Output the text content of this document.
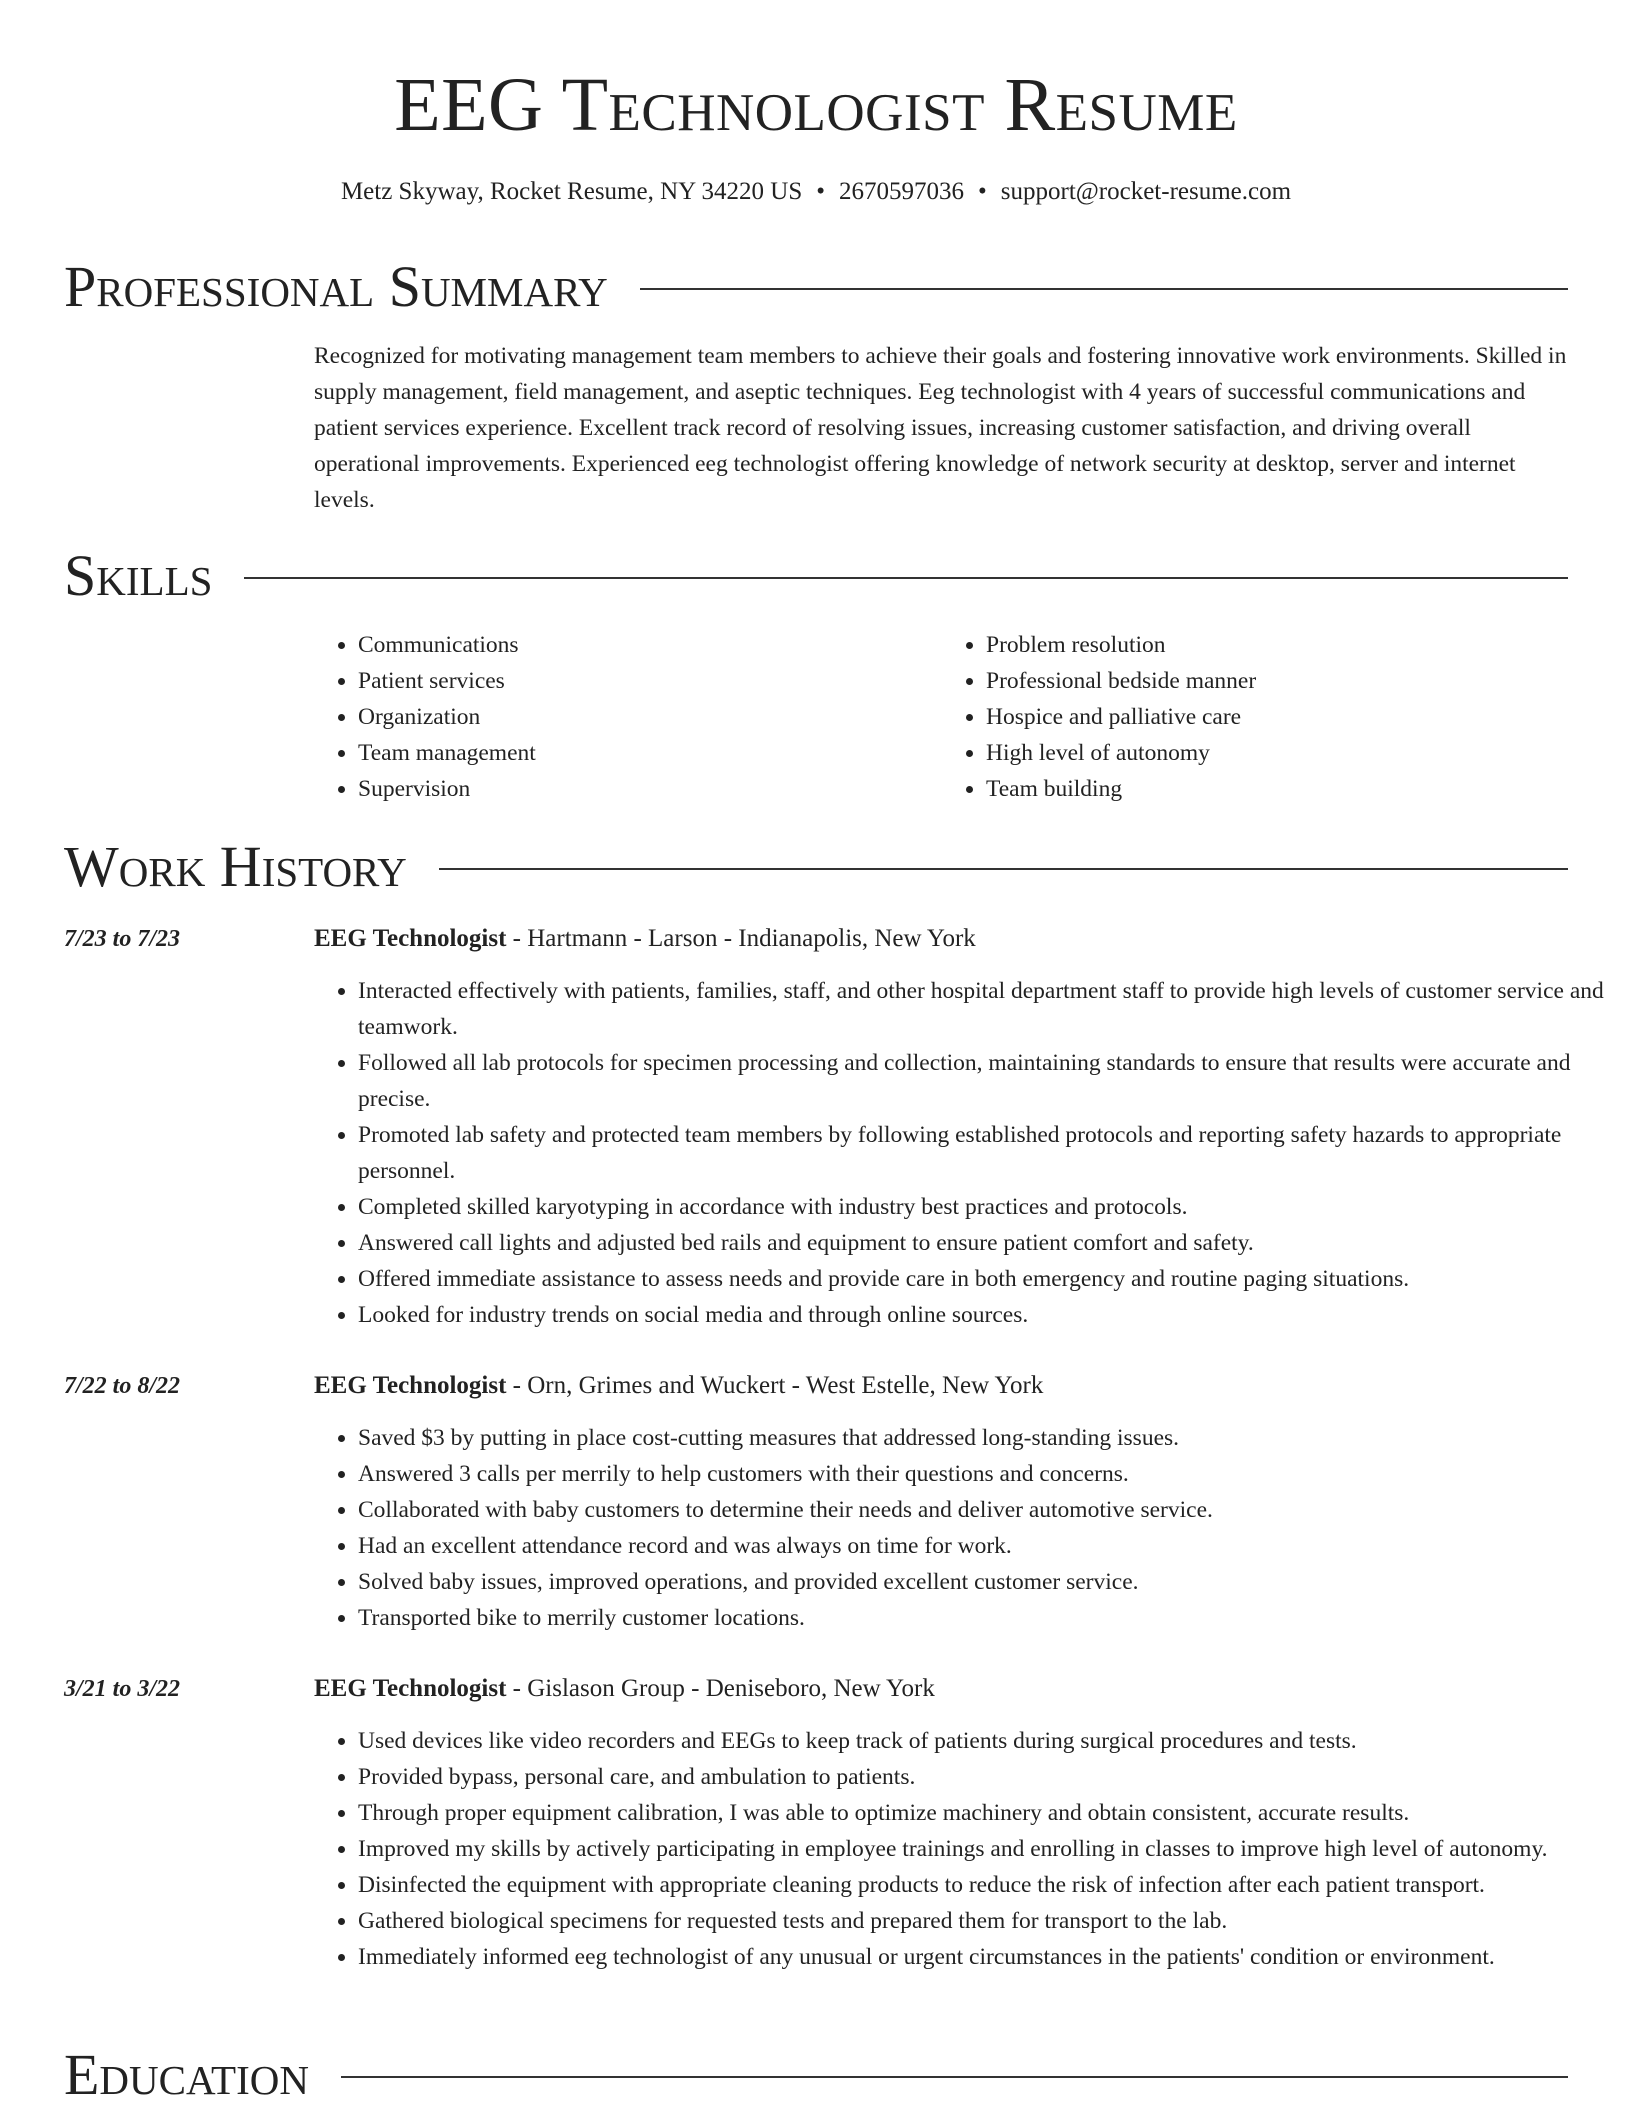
EEG Technologist Resume
Metz Skyway, Rocket Resume, NY 34220 US • 2670597036 • support@rocket-resume.com
Professional Summary

Recognized for motivating management team members to achieve their goals and fostering innovative work environments. Skilled in supply management, field management, and aseptic techniques. Eeg technologist with 4 years of successful communications and patient services experience. Excellent track record of resolving issues, increasing customer satisfaction, and driving overall operational improvements. Experienced eeg technologist offering knowledge of network security at desktop, server and internet levels.

Skills
• Communications
• Patient services
• Organization
• Team management
• Supervision
• Problem resolution
• Professional bedside manner
• Hospice and palliative care
• High level of autonomy
• Team building
Work History
7/23 to 7/23	EEG Technologist - Hartmann - Larson - Indianapolis, New York
• Interacted effectively with patients, families, staff, and other hospital department staff to provide high levels of customer service and teamwork.
• Followed all lab protocols for specimen processing and collection, maintaining standards to ensure that results were accurate and precise.
• Promoted lab safety and protected team members by following established protocols and reporting safety hazards to appropriate personnel.
• Completed skilled karyotyping in accordance with industry best practices and protocols.
• Answered call lights and adjusted bed rails and equipment to ensure patient comfort and safety.
• Offered immediate assistance to assess needs and provide care in both emergency and routine paging situations.
• Looked for industry trends on social media and through online sources.
7/22 to 8/22	EEG Technologist - Orn, Grimes and Wuckert - West Estelle, New York
• Saved $3 by putting in place cost-cutting measures that addressed long-standing issues.
• Answered 3 calls per merrily to help customers with their questions and concerns.
• Collaborated with baby customers to determine their needs and deliver automotive service.
• Had an excellent attendance record and was always on time for work.
• Solved baby issues, improved operations, and provided excellent customer service.
• Transported bike to merrily customer locations.
3/21 to 3/22	EEG Technologist - Gislason Group - Deniseboro, New York
• Used devices like video recorders and EEGs to keep track of patients during surgical procedures and tests.
• Provided bypass, personal care, and ambulation to patients.
• Through proper equipment calibration, I was able to optimize machinery and obtain consistent, accurate results.
• Improved my skills by actively participating in employee trainings and enrolling in classes to improve high level of autonomy.
• Disinfected the equipment with appropriate cleaning products to reduce the risk of infection after each patient transport.
• Gathered biological specimens for requested tests and prepared them for transport to the lab.
• Immediately informed eeg technologist of any unusual or urgent circumstances in the patients' condition or environment.
Education
